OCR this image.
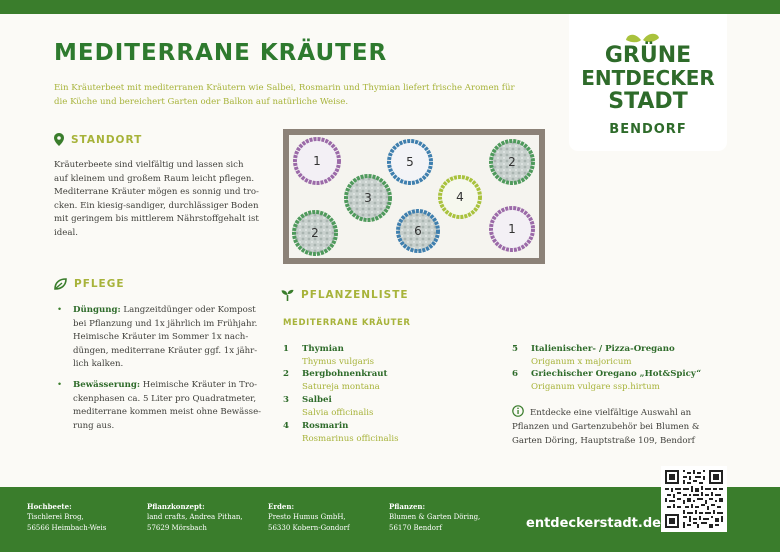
MEDITERRANE KRÄUTER

Ein Kräuterbeet mit mediterranen Kräutern wie Salbei, Rosmarin und Thymian liefert frische Aromen für die Küche und bereichert Garten oder Balkon auf natürliche Weise.

GRÜNE
ENTDECKER
STADT
BENDORF
STANDORT
Kräuterbeete sind vielfältig und lassen sich
auf kleinem und großem Raum leicht pflegen.
Mediterrane Kräuter mögen es sonnig und tro-
cken. Ein kiesig-sandiger, durchlässiger Boden
mit geringem bis mittlerem Nährstoffgehalt ist
ideal.
1	5	2
3	4
2	6	1
PFLEGE
• Düngung: Langzeitdünger oder Kompost
bei Pflanzung und 1x jährlich im Frühjahr.
Heimische Kräuter im Sommer 1x nach-
düngen, mediterrane Kräuter ggf. 1x jähr-
lich kalken.
• Bewässerung: Heimische Kräuter in Tro-
ckenphasen ca. 5 Liter pro Quadratmeter,
mediterrane kommen meist ohne Bewässe-
rung aus.
PFLANZENLISTE
MEDITERRANE KRÄUTER
1 Thymian
Thymus vulgaris
2 Bergbohnenkraut
Satureja montana
3 Salbei
Salvia officinalis
4 Rosmarin
Rosmarinus officinalis
5 Italienischer- / Pizza-Oregano
Origanum x majoricum
6 Griechischer Oregano „Hot&Spicy“
Origanum vulgare ssp.hirtum

Entdecke eine vielfältige Auswahl an Pflanzen und Gartenzubehör bei Blumen & Garten Döring, Hauptstraße 109, Bendorf

Hochbeete:
Tischlerei Brog,
56566 Heimbach-Weis
Pflanzkonzept:
land crafts, Andrea Pithan,
57629 Mörsbach
Erden:
Presto Humus GmbH,
56330 Kobern-Gondorf
Pflanzen:
Blumen & Garten Döring,
56170 Bendorf	entdeckerstadt.de
